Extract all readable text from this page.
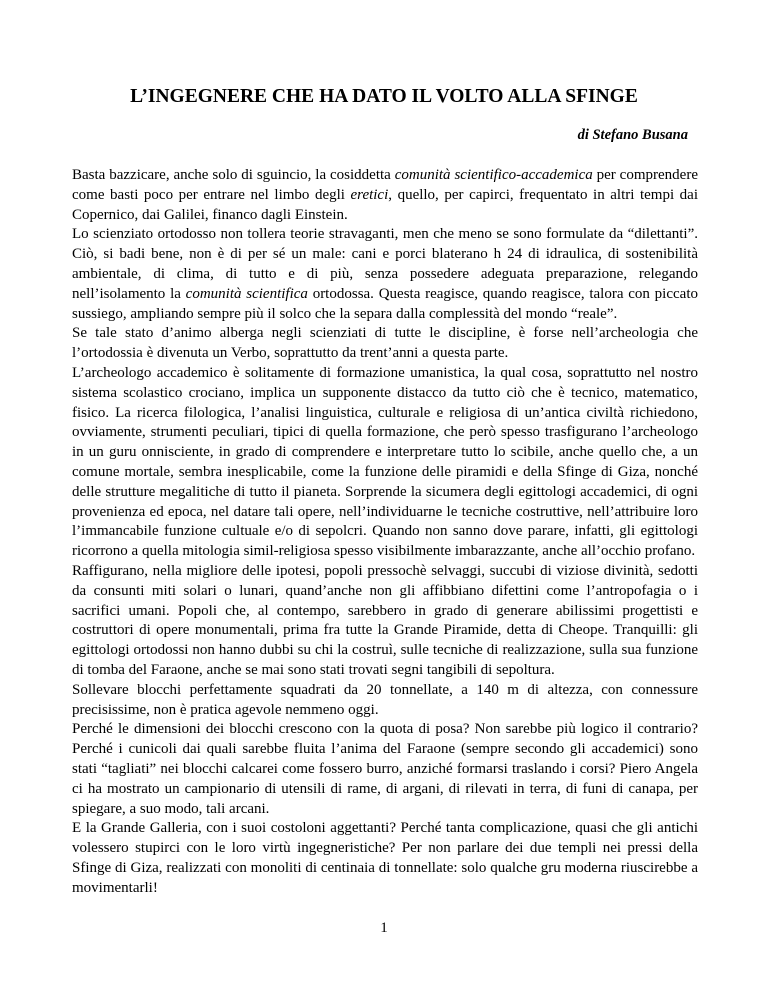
L’INGEGNERE CHE HA DATO IL VOLTO ALLA SFINGE

di Stefano Busana

Basta bazzicare, anche solo di sguincio, la cosiddetta comunità scientifico-accademica per comprendere come basti poco per entrare nel limbo degli eretici, quello, per capirci, frequentato in altri tempi dai Copernico, dai Galilei, financo dagli Einstein.

Lo scienziato ortodosso non tollera teorie stravaganti, men che meno se sono formulate da “dilettanti”. Ciò, si badi bene, non è di per sé un male: cani e porci blaterano h 24 di idraulica, di sostenibilità ambientale, di clima, di tutto e di più, senza possedere adeguata preparazione, relegando nell’isolamento la comunità scientifica ortodossa. Questa reagisce, quando reagisce, talora con piccato sussiego, ampliando sempre più il solco che la separa dalla complessità del mondo “reale”.

Se tale stato d’animo alberga negli scienziati di tutte le discipline, è forse nell’archeologia che l’ortodossia è divenuta un Verbo, soprattutto da trent’anni a questa parte.

L’archeologo accademico è solitamente di formazione umanistica, la qual cosa, soprattutto nel nostro sistema scolastico crociano, implica un supponente distacco da tutto ciò che è tecnico, matematico, fisico. La ricerca filologica, l’analisi linguistica, culturale e religiosa di un’antica civiltà richiedono, ovviamente, strumenti peculiari, tipici di quella formazione, che però spesso trasfigurano l’archeologo in un guru onnisciente, in grado di comprendere e interpretare tutto lo scibile, anche quello che, a un comune mortale, sembra inesplicabile, come la funzione delle piramidi e della Sfinge di Giza, nonché delle strutture megalitiche di tutto il pianeta. Sorprende la sicumera degli egittologi accademici, di ogni provenienza ed epoca, nel datare tali opere, nell’individuarne le tecniche costruttive, nell’attribuire loro l’immancabile funzione cultuale e/o di sepolcri. Quando non sanno dove parare, infatti, gli egittologi ricorrono a quella mitologia simil-religiosa spesso visibilmente imbarazzante, anche all’occhio profano.

Raffigurano, nella migliore delle ipotesi, popoli pressochè selvaggi, succubi di viziose divinità, sedotti da consunti miti solari o lunari, quand’anche non gli affibbiano difettini come l’antropofagia o i sacrifici umani. Popoli che, al contempo, sarebbero in grado di generare abilissimi progettisti e costruttori di opere monumentali, prima fra tutte la Grande Piramide, detta di Cheope. Tranquilli: gli egittologi ortodossi non hanno dubbi su chi la costruì, sulle tecniche di realizzazione, sulla sua funzione di tomba del Faraone, anche se mai sono stati trovati segni tangibili di sepoltura.

Sollevare blocchi perfettamente squadrati da 20 tonnellate, a 140 m di altezza, con connessure precisissime, non è pratica agevole nemmeno oggi.

Perché le dimensioni dei blocchi crescono con la quota di posa? Non sarebbe più logico il contrario? Perché i cunicoli dai quali sarebbe fluita l’anima del Faraone (sempre secondo gli accademici) sono stati “tagliati” nei blocchi calcarei come fossero burro, anziché formarsi traslando i corsi? Piero Angela ci ha mostrato un campionario di utensili di rame, di argani, di rilevati in terra, di funi di canapa, per spiegare, a suo modo, tali arcani.

E la Grande Galleria, con i suoi costoloni aggettanti? Perché tanta complicazione, quasi che gli antichi volessero stupirci con le loro virtù ingegneristiche? Per non parlare dei due templi nei pressi della Sfinge di Giza, realizzati con monoliti di centinaia di tonnellate: solo qualche gru moderna riuscirebbe a movimentarli!

1
